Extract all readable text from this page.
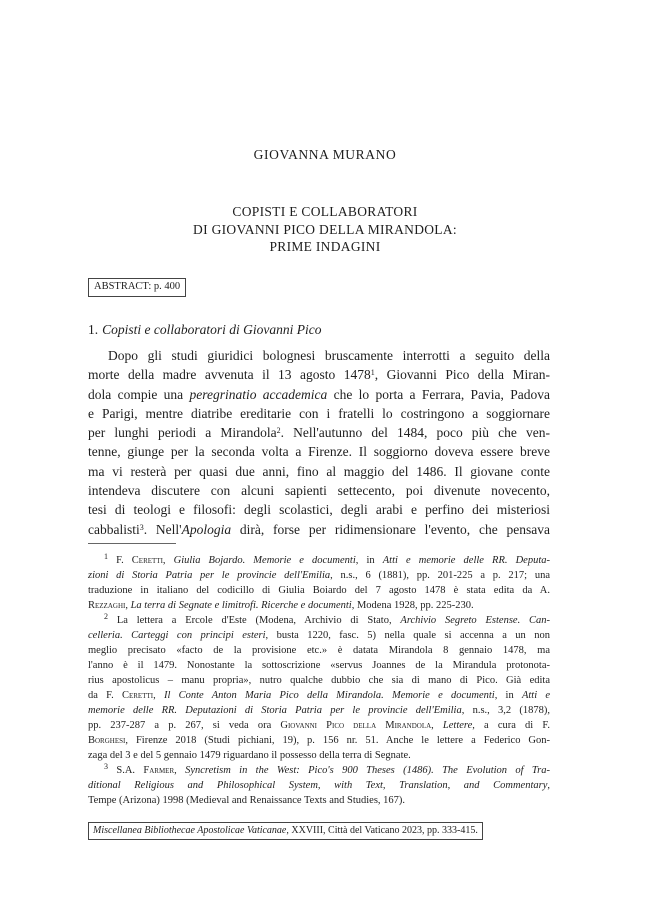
GIOVANNA MURANO
COPISTI E COLLABORATORI
DI GIOVANNI PICO DELLA MIRANDOLA:
PRIME INDAGINI
ABSTRACT: p. 400
1. Copisti e collaboratori di Giovanni Pico
Dopo gli studi giuridici bolognesi bruscamente interrotti a seguito della
morte della madre avvenuta il 13 agosto 1478$^1$, Giovanni Pico della Miran-
dola compie una peregrinatio accademica che lo porta a Ferrara, Pavia, Padova
e Parigi, mentre diatribe ereditarie con i fratelli lo costringono a soggiornare
per lunghi periodi a Mirandola$^2$. Nell'autunno del 1484, poco più che ven-
tenne, giunge per la seconda volta a Firenze. Il soggiorno doveva essere breve
ma vi resterà per quasi due anni, fino al maggio del 1486. Il giovane conte
intendeva discutere con alcuni sapienti settecento, poi divenute novecento,
tesi di teologi e filosofi: degli scolastici, degli arabi e perfino dei misteriosi
cabbalisti$^3$. Nell'Apologia dirà, forse per ridimensionare l'evento, che pensava
$^1$ F. Ceretti, Giulia Bojardo. Memorie e documenti, in Atti e memorie delle RR. Deputa-
zioni di Storia Patria per le provincie dell'Emilia, n.s., 6 (1881), pp. 201-225 a p. 217; una
traduzione in italiano del codicillo di Giulia Boiardo del 7 agosto 1478 è stata edita da A.
Rezzaghi, La terra di Segnate e limitrofi. Ricerche e documenti, Modena 1928, pp. 225-230.
$^2$ La lettera a Ercole d'Este (Modena, Archivio di Stato, Archivio Segreto Estense. Can-
celleria. Carteggi con principi esteri, busta 1220, fasc. 5) nella quale si accenna a un non
meglio precisato «facto de la provisione etc.» è datata Mirandola 8 gennaio 1478, ma
l'anno è il 1479. Nonostante la sottoscrizione «servus Joannes de la Mirandula protonota-
rius apostolicus – manu propria», nutro qualche dubbio che sia di mano di Pico. Già edita
da F. Ceretti, Il Conte Anton Maria Pico della Mirandola. Memorie e documenti, in Atti e
memorie delle RR. Deputazioni di Storia Patria per le provincie dell'Emilia, n.s., 3,2 (1878),
pp. 237-287 a p. 267, si veda ora Giovanni Pico della Mirandola, Lettere, a cura di F.
Borghesi, Firenze 2018 (Studi pichiani, 19), p. 156 nr. 51. Anche le lettere a Federico Gon-
zaga del 3 e del 5 gennaio 1479 riguardano il possesso della terra di Segnate.
$^3$ S.A. Farmer, Syncretism in the West: Pico's 900 Theses (1486). The Evolution of Tra-
ditional Religious and Philosophical System, with Text, Translation, and Commentary,
Tempe (Arizona) 1998 (Medieval and Renaissance Texts and Studies, 167).
Miscellanea Bibliothecae Apostolicae Vaticanae, XXVIII, Città del Vaticano 2023, pp. 333-415.
